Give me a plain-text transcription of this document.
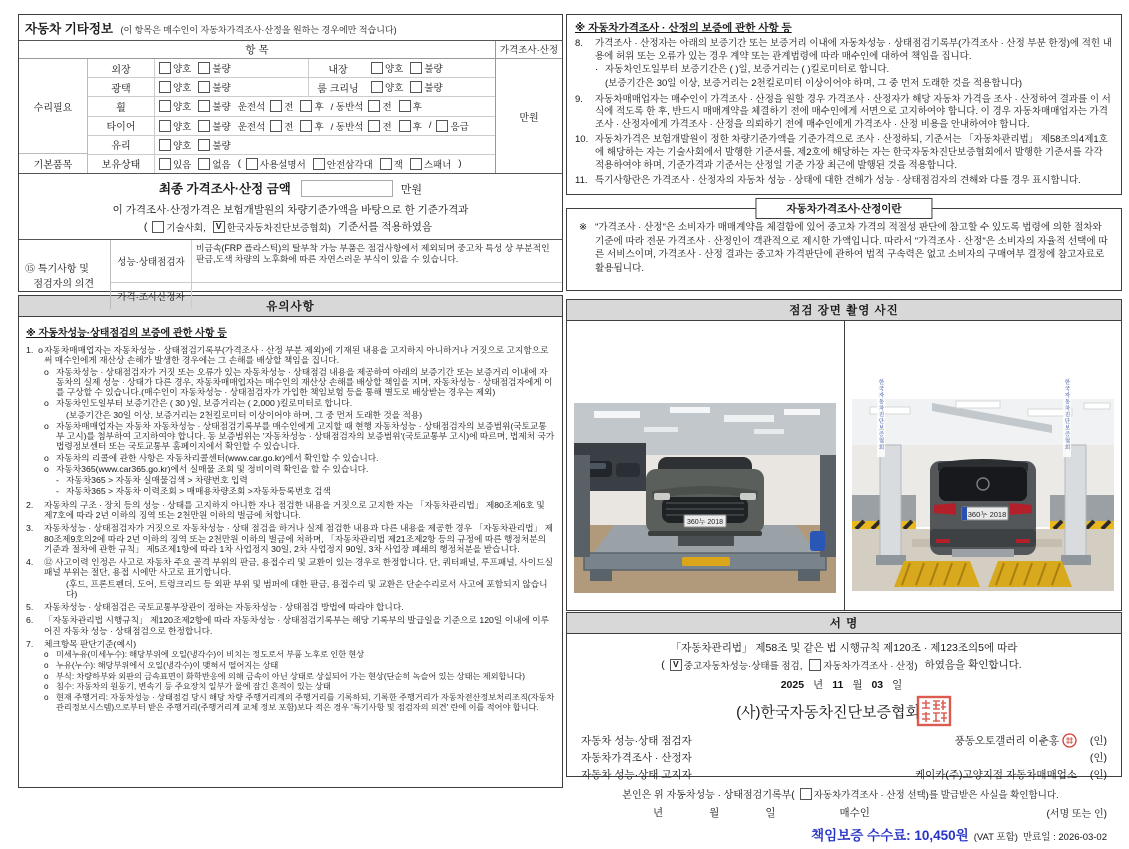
자동차 기타정보 (이 항목은 매수인이 자동차가격조사·산정을 원하는 경우에만 적습니다)
항 목	가격조사·산정
수리필요
기본품목
외장	양호 불량	내장	양호 불량
광택	양호 불량	룸 크리닝	양호 불량
휠	양호 불량 운전석 전 후 / 동반석 전 후
타이어	양호 불량 운전석 전 후 / 동반석 전 후 / 응급
유리	양호 불량
보유상태	있음 없음 ( 사용설명서 안전삼각대 잭 스패너 )
만원
최종 가격조사·산정 금액	만원
이 가격조사·산정가격은 보험개발원의 차량기준가액을 바탕으로 한 기준가격과
( 기술사회,	V 한국자동차진단보증협회) 기준서를 적용하였음
⑮ 특기사항 및
점검자의 의견
성능·상태점검자
비금속(FRP 플라스틱)의 탈부착 가능 부품은 점검사항에서 제외되며 중고차 특성 상 부분적인 판금,도색 차량의 노후화에 따른 자연스러운 부식이 있을 수 있습니다.
가격·조사산정자
유의사항
※ 자동차성능·상태점검의 보증에 관한 사항 등
1.  o 자동차매매업자는 자동차성능 · 상태점검기록부(가격조사 · 산정 부분 제외)에 기재된 내용을 고지하지 아니하거나 거짓으로 고지함으로써 매수인에게 재산상 손해가 발생한 경우에는 그 손해를 배상할 책임을 집니다.
o 자동차성능 · 상태점검자가 거짓 또는 오류가 있는 자동차성능 · 상태점검 내용을 제공하여 아래의 보증기간 또는 보증거리 이내에 자동차의 실제 성능 · 상태가 다른 경우, 자동차매매업자는 매수인의 재산상 손해를 배상할 책임을 지며, 자동차성능 · 상태점검자에게 이를 구상할 수 있습니다.(매수인이 자동차성능 · 상태점검자가 가입한 책임보험 등을 통해 별도로 배상받는 경우는 제외)
o 자동차인도일부터 보증기간은 ( 30 )일, 보증거리는 ( 2,000 )킬로미터로 합니다.
(보증기간은 30일 이상, 보증거리는 2천킬로미터 이상이어야 하며, 그 중 먼저 도래한 것을 적용)
o 자동차매매업자는 자동차 자동차성능 · 상태점검기록부를 매수인에게 고지할 때 현행 자동차성능 · 상태점검자의 보증범위(국토교통부 고시)를 첨부하여 고지하여야 합니다. 동 보증범위는 '자동차성능 · 상태점검자의 보증범위'(국토교통부 고시)에 따르며, 법제처 국가법령정보센터 또는 국토교통부 홈페이지에서 확인할 수 있습니다.
o 자동차의 리콜에 관한 사항은 자동차리콜센터(www.car.go.kr)에서 확인할 수 있습니다.
o 자동차365(www.car365.go.kr)에서 실매물 조회 및 정비이력 확인을 할 수 있습니다.
- 자동차365 > 자동차 실매물검색 > 차량번호 입력
- 자동차365 > 자동차 이력조회 > 매매용차량조회 >자동차등록번호 검색
2.	자동차의 구조 · 장치 등의 성능 · 상태를 고지하지 아니한 자나 점검한 내용을 거짓으로 고지한 자는 「자동차관리법」 제80조제6호 및 제7호에 따라 2년 이하의 징역 또는 2천만원 이하의 벌금에 처합니다.
3.	자동차성능 · 상태점검자가 거짓으로 자동차성능 · 상태 점검을 하거나 실제 점검한 내용과 다른 내용을 제공한 경우 「자동차관리법」 제80조제9호의2에 따라 2년 이하의 징역 또는 2천만원 이하의 벌금에 처하며, 「자동차관리법 제21조제2항 등의 규정에 따른 행정처분의 기준과 절차에 관한 규칙」 제5조제1항에 따라 1차 사업정지 30일, 2차 사업정지 90일, 3차 사업장 폐쇄의 행정처분을 받습니다.
4.	⑫ 사고이력 인정은 사고로 자동차 주요 골격 부위의 판금, 용접수리 및 교환이 있는 경우로 한정합니다. 단, 쿼터패널, 루프패널, 사이드실패널 부위는 절단, 용접 시에만 사고로 표기합니다.
(후드, 프론트펜더, 도어, 트렁크리드 등 외판 부위 및 범퍼에 대한 판금, 용접수리 및 교환은 단순수리로서 사고에 포함되지 않습니다)
5.	자동차성능 · 상태점검은 국토교통부장관이 정하는 자동차성능 · 상태점검 방법에 따라야 합니다.
6.	「자동차관리법 시행규칙」 제120조제2항에 따라 자동차성능 · 상태점검기록부는 해당 기록부의 발급일을 기준으로 120일 이내에 이루어진 자동차 성능 · 상태점검으로 한정합니다.
7.	체크항목 판단기준(예시)
o 미세누유(미세누수): 해당부위에 오일(냉각수)이 비치는 정도로서 부품 노후로 인한 현상
o 누유(누수): 해당부위에서 오일(냉각수)이 맺혀서 떨어지는 상태
o 부식: 차량하부와 외판의 금속표면이 화학반응에 의해 금속이 아닌 상태로 상실되어 가는 현상(단순히 녹슬어 있는 상태는 제외합니다)
o 침수: 자동차의 원동기, 변속기 등 주요장치 일부가 물에 잠긴 흔적이 있는 상태
o 현재 주행거리: 자동차성능 · 상태점검 당시 해당 차량 주행거리계의 주행거리를 기록하되, 기록한 주행거리가 자동차전산정보처리조직(자동차관리정보시스템)으로부터 받은 주행거리(주행거리계 교체 정보 포함)보다 적은 경우 '특기사항 및 점검자의 의견' 란에 이를 적어야 합니다.
※ 자동차가격조사 · 산정의 보증에 관한 사항 등
8.	가격조사 · 산정자는 아래의 보증기간 또는 보증거리 이내에 자동차성능 · 상태점검기록부(가격조사 · 산정 부분 한정)에 적힌 내용에 허위 또는 오류가 있는 경우 계약 또는 관계법령에 따라 매수인에 대하여 책임을 집니다.
· 자동차인도일부터 보증기간은 ( )일, 보증거리는 ( )킬로미터로 합니다.
(보증기간은 30일 이상, 보증거리는 2천킬로미터 이상이어야 하며, 그 중 먼저 도래한 것을 적용합니다)
9.	자동차매매업자는 매수인이 가격조사 · 산정을 원할 경우 가격조사 · 산정자가 해당 자동차 가격을 조사 · 산정하여 결과를 이 서식에 적도록 한 후, 반드시 매매계약을 체결하기 전에 매수인에게 서면으로 고지하여야 합니다. 이 경우 자동차매매업자는 가격조사 · 산정자에게 가격조사 · 산정을 의뢰하기 전에 매수인에게 가격조사 · 산정 비용을 안내하여야 합니다.
10. 자동차가격은 보험개발원이 정한 차량기준가액을 기준가격으로 조사 · 산정하되, 기준서는 「자동차관리법」 제58조의4제1호에 해당하는 자는 기술사회에서 발행한 기준서를, 제2호에 해당하는 자는 한국자동차진단보증협회에서 발행한 기준서를 각각 적용하여야 하며, 기준가격과 기준서는 산정일 기준 가장 최근에 발행된 것을 적용합니다.
11. 특기사항란은 가격조사 · 산정자의 자동차 성능 · 상태에 대한 견해가 성능 · 상태점검자의 견해와 다를 경우 표시합니다.
자동차가격조사·산정이란
※ "가격조사 · 산정"은 소비자가 매매계약을 체결함에 있어 중고차 가격의 적절성 판단에 참고할 수 있도록 법령에 의한 절차와 기준에 따라 전문 가격조사 · 산정인이 객관적으로 제시한 가액입니다. 따라서 "가격조사 · 산정"은 소비자의 자율적 선택에 따른 서비스이며, 가격조사 · 산정 결과는 중고차 가격판단에 관하여 법적 구속력은 없고 소비자의 구매여부 결정에 참고자료로 활용됩니다.
점검 장면 촬영 사진
360누 2018
360누 2018
한국자동차진단보증협회	한국자동차진단보증협회
서 명
「자동차관리법」 제58조 및 같은 법 시행규칙 제120조 · 제123조의5에 따라
( V 중고자동차성능·상태를 점검, 자동차가격조사 · 산정) 하였음을 확인합니다.
2025 년 11 월 03 일
(사)한국자동차진단보증협회
자동차 성능·상태 점검자	풍동오토갤러리 이춘홍	(인)
자동차가격조사 · 산정자	(인)
자동차 성능·상태 고지자	케이카(주)고양지점 자동차매매업소	(인)
본인은 위 자동차성능 · 상태점검기록부( 자동차가격조사 · 산정 선택)를 발급받은 사실을 확인합니다.
년	월	일	매수인	(서명 또는 인)
책임보증 수수료: 10,450원 (VAT 포함) 만료일 : 2026-03-02
